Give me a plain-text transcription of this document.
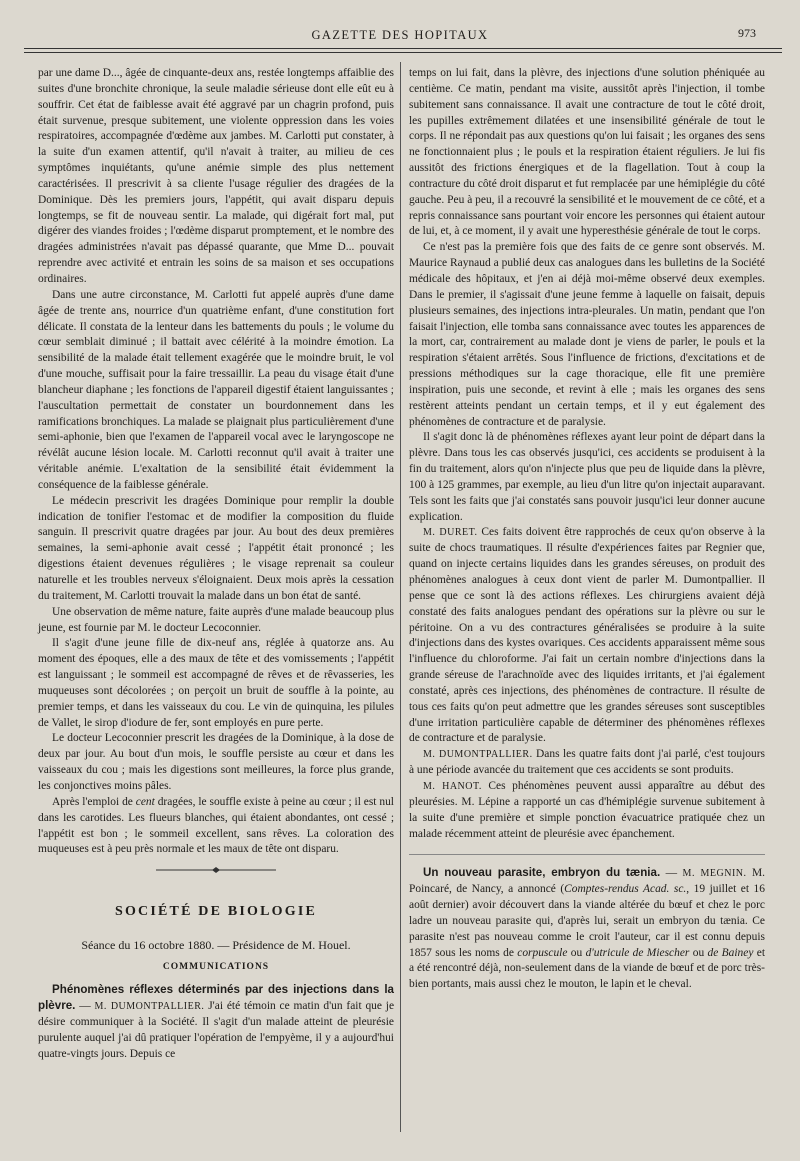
GAZETTE DES HOPITAUX	973

par une dame D..., âgée de cinquante-deux ans, restée longtemps affaiblie des suites d'une bronchite chronique, la seule maladie sérieuse dont elle eût eu à souffrir. Cet état de faiblesse avait été aggravé par un chagrin profond, puis était survenue, presque subitement, une violente oppression dans les voies respiratoires, accompagnée d'œdème aux jambes. M. Carlotti put constater, à la suite d'un examen attentif, qu'il n'avait à traiter, au milieu de ces symptômes inquiétants, qu'une anémie simple des plus nettement caractérisées. Il prescrivit à sa cliente l'usage régulier des dragées de la Dominique. Dès les premiers jours, l'appétit, qui avait disparu depuis longtemps, se fit de nouveau sentir. La malade, qui digérait fort mal, put digérer des viandes froides ; l'œdème disparut promptement, et le nombre des dragées administrées n'avait pas dépassé quarante, que Mme D... pouvait reprendre avec activité et entrain les soins de sa maison et ses occupations ordinaires.

Dans une autre circonstance, M. Carlotti fut appelé auprès d'une dame âgée de trente ans, nourrice d'un quatrième enfant, d'une constitution fort délicate. Il constata de la lenteur dans les battements du pouls ; le volume du cœur semblait diminué ; il battait avec célérité à la moindre émotion. La sensibilité de la malade était tellement exagérée que le moindre bruit, le vol d'une mouche, suffisait pour la faire tressaillir. La peau du visage était d'une blancheur diaphane ; les fonctions de l'appareil digestif étaient languissantes ; l'auscultation permettait de constater un bourdonnement dans les ramifications bronchiques. La malade se plaignait plus particulièrement d'une semi-aphonie, bien que l'examen de l'appareil vocal avec le laryngoscope ne révélât aucune lésion locale. M. Carlotti reconnut qu'il avait à traiter une véritable anémie. L'exaltation de la sensibilité était évidemment la conséquence de la faiblesse générale.

Le médecin prescrivit les dragées Dominique pour remplir la double indication de tonifier l'estomac et de modifier la composition du fluide sanguin. Il prescrivit quatre dragées par jour. Au bout des deux premières semaines, la semi-aphonie avait cessé ; l'appétit était prononcé ; les digestions étaient devenues régulières ; le visage reprenait sa couleur naturelle et les troubles nerveux s'éloignaient. Deux mois après la cessation du traitement, M. Carlotti trouvait la malade dans un bon état de santé.

Une observation de même nature, faite auprès d'une malade beaucoup plus jeune, est fournie par M. le docteur Lecoconnier.

Il s'agit d'une jeune fille de dix-neuf ans, réglée à quatorze ans. Au moment des époques, elle a des maux de tête et des vomissements ; l'appétit est languissant ; le sommeil est accompagné de rêves et de rêvasseries, les muqueuses sont décolorées ; on perçoit un bruit de souffle à la pointe, au premier temps, et dans les vaisseaux du cou. Le vin de quinquina, les pilules de Vallet, le sirop d'iodure de fer, sont employés en pure perte.

Le docteur Lecoconnier prescrit les dragées de la Dominique, à la dose de deux par jour. Au bout d'un mois, le souffle persiste au cœur et dans les vaisseaux du cou ; mais les digestions sont meilleures, la force plus grande, les conjonctives moins pâles.

Après l'emploi de cent dragées, le souffle existe à peine au cœur ; il est nul dans les carotides. Les flueurs blanches, qui étaient abondantes, ont cessé ; l'appétit est bon ; le sommeil excellent, sans rêves. La coloration des muqueuses est à peu près normale et les maux de tête ont disparu.

SOCIÉTÉ DE BIOLOGIE
Séance du 16 octobre 1880. — Présidence de M. Houel.
COMMUNICATIONS

Phénomènes réflexes déterminés par des injections dans la plèvre. — M. DUMONTPALLIER. J'ai été témoin ce matin d'un fait que je désire communiquer à la Société. Il s'agit d'un malade atteint de pleurésie purulente auquel j'ai dû pratiquer l'opération de l'empyème, il y a aujourd'hui quatre-vingts jours. Depuis ce

temps on lui fait, dans la plèvre, des injections d'une solution phéniquée au centième. Ce matin, pendant ma visite, aussitôt après l'injection, il tombe subitement sans connaissance. Il avait une contracture de tout le côté droit, les pupilles extrêmement dilatées et une insensibilité générale de tout le corps. Il ne répondait pas aux questions qu'on lui faisait ; les organes des sens ne fonctionnaient plus ; le pouls et la respiration étaient réguliers. Je lui fis aussitôt des frictions énergiques et de la flagellation. Tout à coup la contracture du côté droit disparut et fut remplacée par une hémiplégie du côté gauche. Peu à peu, il a recouvré la sensibilité et le mouvement de ce côté, et a repris connaissance sans pourtant voir encore les personnes qui étaient autour de lui, et, à ce moment, il y avait une hyperesthésie générale de tout le corps.

Ce n'est pas la première fois que des faits de ce genre sont observés. M. Maurice Raynaud a publié deux cas analogues dans les bulletins de la Société médicale des hôpitaux, et j'en ai déjà moi-même observé deux exemples. Dans le premier, il s'agissait d'une jeune femme à laquelle on faisait, depuis plusieurs semaines, des injections intra-pleurales. Un matin, pendant que l'on faisait l'injection, elle tomba sans connaissance avec toutes les apparences de la mort, car, contrairement au malade dont je viens de parler, le pouls et la respiration s'étaient arrêtés. Sous l'influence de frictions, d'excitations et de pressions méthodiques sur la cage thoracique, elle fit une première inspiration, puis une seconde, et revint à elle ; mais les organes des sens restèrent atteints pendant un certain temps, et il y eut également des phénomènes de contracture et de paralysie.

Il s'agit donc là de phénomènes réflexes ayant leur point de départ dans la plèvre. Dans tous les cas observés jusqu'ici, ces accidents se produisent à la fin du traitement, alors qu'on n'injecte plus que peu de liquide dans la plèvre, 100 à 125 grammes, par exemple, au lieu d'un litre qu'on injectait auparavant. Tels sont les faits que j'ai constatés sans pouvoir jusqu'ici leur donner aucune explication.

M. DURET. Ces faits doivent être rapprochés de ceux qu'on observe à la suite de chocs traumatiques. Il résulte d'expériences faites par Regnier que, quand on injecte certains liquides dans les grandes séreuses, on produit des phénomènes analogues à ceux dont vient de parler M. Dumontpallier. Il pense que ce sont là des actions réflexes. Les chirurgiens avaient déjà constaté des faits analogues pendant des opérations sur la plèvre ou sur le péritoine. On a vu des contractures généralisées se produire à la suite d'injections dans des kystes ovariques. Ces accidents apparaissent même sous l'influence du chloroforme. J'ai fait un certain nombre d'injections dans la grande séreuse de l'arachnoïde avec des liquides irritants, et j'ai également constaté, après ces injections, des phénomènes de contracture. Il résulte de tous ces faits qu'on peut admettre que les grandes séreuses sont susceptibles d'une irritation particulière capable de déterminer des phénomènes réflexes de contracture et de paralysie.

M. DUMONTPALLIER. Dans les quatre faits dont j'ai parlé, c'est toujours à une période avancée du traitement que ces accidents se sont produits.

M. HANOT. Ces phénomènes peuvent aussi apparaître au début des pleurésies. M. Lépine a rapporté un cas d'hémiplégie survenue subitement à la suite d'une première et simple ponction évacuatrice pratiquée chez un malade récemment atteint de pleurésie avec épanchement.

Un nouveau parasite, embryon du tænia. — M. MEGNIN. M. Poincaré, de Nancy, a annoncé (Comptes-rendus Acad. sc., 19 juillet et 16 août dernier) avoir découvert dans la viande altérée du bœuf et chez le porc ladre un nouveau parasite qui, d'après lui, serait un embryon du tænia. Ce parasite n'est pas nouveau comme le croit l'auteur, car il est connu depuis 1857 sous les noms de corpuscule ou d'utricule de Miescher ou de Bainey et a été rencontré déjà, non-seulement dans de la viande de bœuf et de porc très-bien portants, mais aussi chez le mouton, le lapin et le cheval.
